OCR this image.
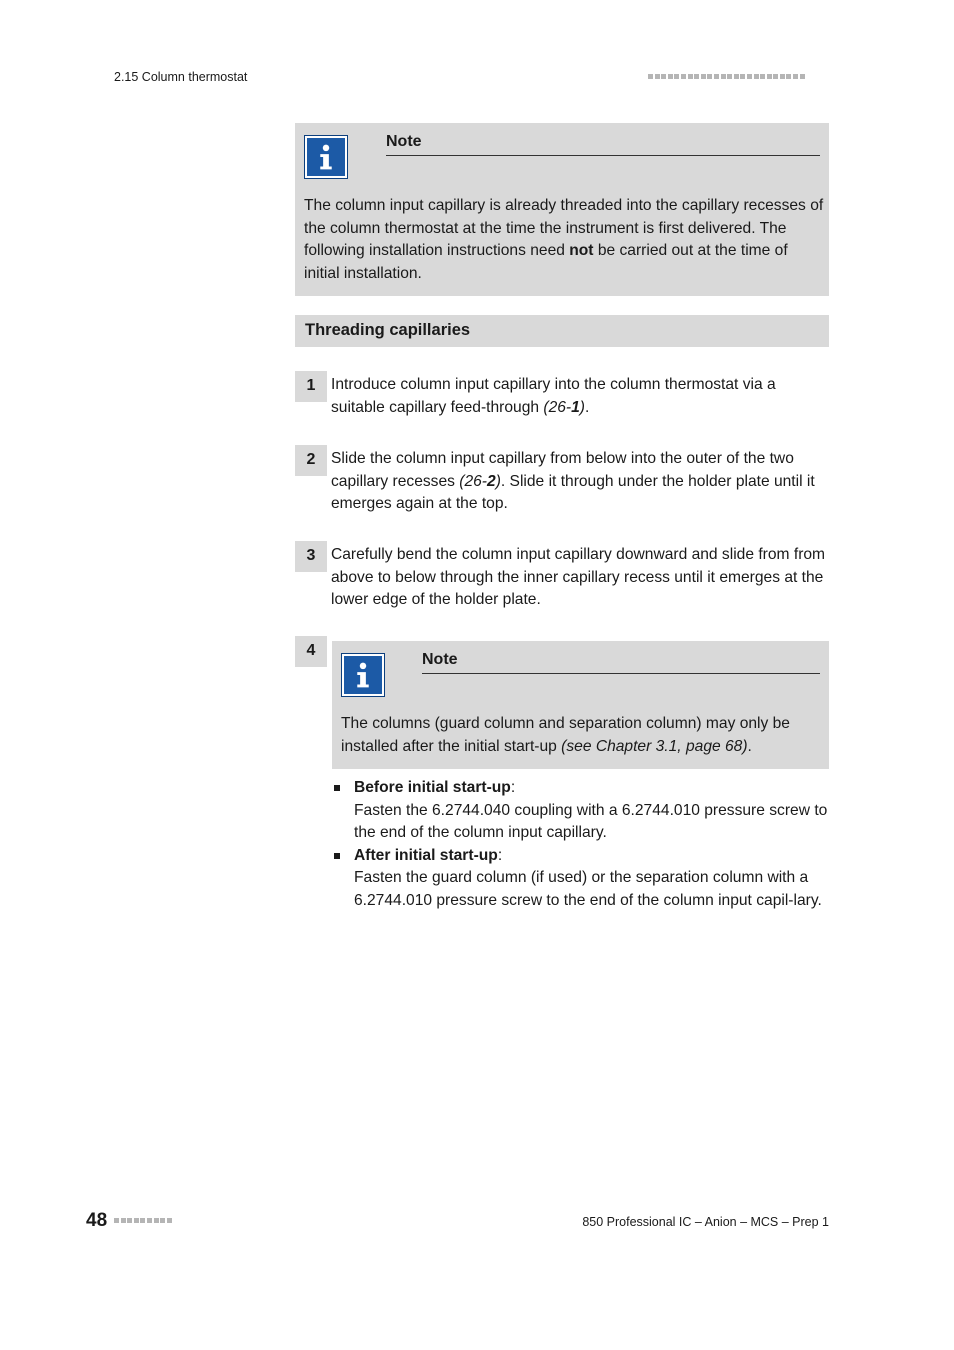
2.15 Column thermostat
Note
The column input capillary is already threaded into the capillary recesses of the column thermostat at the time the instrument is first delivered. The following installation instructions need not be carried out at the time of initial installation.
Threading capillaries
1 Introduce column input capillary into the column thermostat via a suitable capillary feed-through (26-1).
2 Slide the column input capillary from below into the outer of the two capillary recesses (26-2). Slide it through under the holder plate until it emerges again at the top.
3 Carefully bend the column input capillary downward and slide from from above to below through the inner capillary recess until it emerges at the lower edge of the holder plate.
4
Note
The columns (guard column and separation column) may only be installed after the initial start-up (see Chapter 3.1, page 68).
Before initial start-up:
Fasten the 6.2744.040 coupling with a 6.2744.010 pressure screw to the end of the column input capillary.
After initial start-up:
Fasten the guard column (if used) or the separation column with a 6.2744.010 pressure screw to the end of the column input capil-lary.
48	850 Professional IC – Anion – MCS – Prep 1
